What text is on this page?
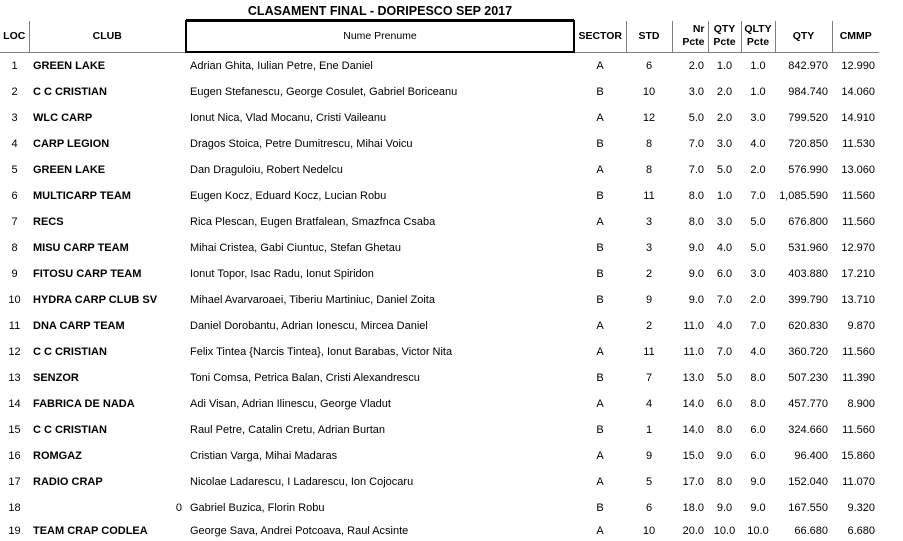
CLASAMENT FINAL - DORIPESCO SEP 2017
LOC	CLUB	Nume Prenume	SECTOR	STD	Nr Pcte	QTY Pcte	QLTY Pcte	QTY	CMMP
1	GREEN LAKE	Adrian Ghita, Iulian Petre, Ene Daniel	A	6	2.0	1.0	1.0	842.970	12.990
2	C C CRISTIAN	Eugen Stefanescu, George Cosulet, Gabriel Boriceanu	B	10	3.0	2.0	1.0	984.740	14.060
3	WLC CARP	Ionut Nica, Vlad Mocanu, Cristi Vaileanu	A	12	5.0	2.0	3.0	799.520	14.910
4	CARP LEGION	Dragos Stoica, Petre Dumitrescu, Mihai Voicu	B	8	7.0	3.0	4.0	720.850	11.530
5	GREEN LAKE	Dan Draguloiu, Robert Nedelcu	A	8	7.0	5.0	2.0	576.990	13.060
6	MULTICARP TEAM	Eugen Kocz, Eduard Kocz, Lucian Robu	B	11	8.0	1.0	7.0	1,085.590	11.560
7	RECS	Rica Plescan, Eugen Bratfalean, Smazfnca Csaba	A	3	8.0	3.0	5.0	676.800	11.560
8	MISU CARP TEAM	Mihai Cristea, Gabi Ciuntuc, Stefan Ghetau	B	3	9.0	4.0	5.0	531.960	12.970
9	FITOSU CARP TEAM	Ionut Topor, Isac Radu, Ionut Spiridon	B	2	9.0	6.0	3.0	403.880	17.210
10	HYDRA CARP CLUB SV	Mihael Avarvaroaei, Tiberiu Martiniuc, Daniel Zoita	B	9	9.0	7.0	2.0	399.790	13.710
11	DNA CARP TEAM	Daniel Dorobantu, Adrian Ionescu, Mircea Daniel	A	2	11.0	4.0	7.0	620.830	9.870
12	C C CRISTIAN	Felix Tintea {Narcis Tintea}, Ionut Barabas, Victor Nita	A	11	11.0	7.0	4.0	360.720	11.560
13	SENZOR	Toni Comsa, Petrica Balan, Cristi Alexandrescu	B	7	13.0	5.0	8.0	507.230	11.390
14	FABRICA DE NADA	Adi Visan, Adrian Ilinescu, George Vladut	A	4	14.0	6.0	8.0	457.770	8.900
15	C C CRISTIAN	Raul Petre, Catalin Cretu, Adrian Burtan	B	1	14.0	8.0	6.0	324.660	11.560
16	ROMGAZ	Cristian Varga, Mihai Madaras	A	9	15.0	9.0	6.0	96.400	15.860
17	RADIO CRAP	Nicolae Ladarescu, I Ladarescu, Ion Cojocaru	A	5	17.0	8.0	9.0	152.040	11.070
18	0	Gabriel Buzica, Florin Robu	B	6	18.0	9.0	9.0	167.550	9.320
19	TEAM CRAP CODLEA	George Sava, Andrei Potcoava, Raul Acsinte	A	10	20.0	10.0	10.0	66.680	6.680
